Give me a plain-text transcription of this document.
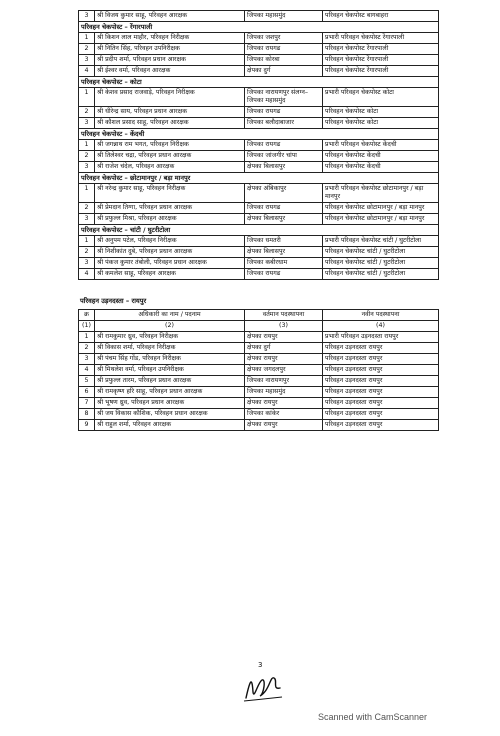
3	श्री विजय कुमार साहू, परिवहन आरक्षक	जिपका महासमुंद	परिवहन चेकपोस्ट बागबाहरा
परिवहन चेकपोस्ट – रेंगारपाली			
1	श्री किशन लाल माहौर, परिवहन निरीक्षक	जिपका जशपुर	प्रभारी परिवहन चेकपोस्ट रेंगारपाली
2	श्री नितिन सिंह, परिवहन उपनिरीक्षक	जिपका रायगढ	परिवहन चेकपोस्ट रेंगारपाली
3	श्री प्रदीप शर्मा, परिवहन प्रधान आरक्षक	जिपका कोरबा	परिवहन चेकपोस्ट रेंगारपाली
4	श्री ईश्वर वर्मा, परिवहन आरक्षक	क्षेपका दुर्ग	परिवहन चेकपोस्ट रेंगारपाली
परिवहन चेकपोस्ट – कोटा			
1	श्री केशव प्रसाद राजवाड़े, परिवहन निरीक्षक	जिपका नारायणपुर संलग्न–जिपका महासमुंद	प्रभारी परिवहन चेकपोस्ट कोटा
2	श्री धीरेन्द्र साय, परिवहन प्रधान आरक्षक	जिपका रायगढ	परिवहन चेकपोस्ट कोटा
3	श्री कौशल प्रसाद साहू, परिवहन आरक्षक	जिपका बलौदाबाजार	परिवहन चेकपोस्ट कोटा
परिवहन चेकपोस्ट – केंदची			
1	श्री जगन्नाथ राम भगत, परिवहन निरीक्षक	जिपका रायगढ	प्रभारी परिवहन चेकपोस्ट केंदची
2	श्री तिलेश्वर चद्रा, परिवहन प्रधान आरक्षक	जिपका जांजगीर चांपा	परिवहन चेकपोस्ट केंदची
3	श्री राजेश चंदेल, परिवहन आरक्षक	क्षेपका बिलासपुर	परिवहन चेकपोस्ट केंदची
परिवहन चेकपोस्ट – छोटामानपुर / बड़ा मानपुर			
1	श्री नरेन्द्र कुमार साहू, परिवहन निरीक्षक	क्षेपका अंबिकापुर	प्रभारी परिवहन चेकपोस्ट छोटामानपुर / बड़ा मानपुर
2	श्री प्रेमदान तिग्गा, परिवहन प्रधान आरक्षक	जिपका रायगढ	परिवहन चेकपोस्ट छोटामानपुर / बड़ा मानपुर
3	श्री प्रफुल्ल मिश्रा, परिवहन आरक्षक	क्षेपका बिलासपुर	परिवहन चेकपोस्ट छोटामानपुर / बड़ा मानपुर
परिवहन चेकपोस्ट – चांटी / घुटरीटोला			
1	श्री अनुपम पटेल, परिवहन निरीक्षक	जिपका धमतरी	प्रभारी परिवहन चेकपोस्ट चांटी / घुटरीटोला
2	श्री निशीकांत दुबे, परिवहन प्रधान आरक्षक	क्षेपका बिलासपुर	परिवहन चेकपोस्ट चांटी / घुटरीटोला
3	श्री पंकज कुमार तंबोली, परिवहन प्रधान आरक्षक	जिपका कबीरधाम	परिवहन चेकपोस्ट चांटी / घुटरीटोला
4	श्री कमलेश साहू, परिवहन आरक्षक	जिपका रायगढ	परिवहन चेकपोस्ट चांटी / घुटरीटोला
परिवहन उड़नदस्ता – रायपुर
क्र	अधिकारी का नाम / पदनाम	वर्तमान पदस्थापना	नवीन पदस्थापना
(1)	(2)	(3)	(4)
1	श्री रामकुमार ध्रुव, परिवहन निरीक्षक	क्षेपका रायपुर	प्रभारी परिवहन उड़नदस्ता रायपुर
2	श्री विकास शर्मा, परिवहन निरीक्षक	क्षेपका दुर्ग	परिवहन उड़नदस्ता रायपुर
3	श्री पंचम सिंह गोंड, परिवहन निरीक्षक	क्षेपका रायपुर	परिवहन उड़नदस्ता रायपुर
4	श्री मिथलेश वर्मा, परिवहन उपनिरीक्षक	क्षेपका जगदलपुर	परिवहन उड़नदस्ता रायपुर
5	श्री प्रफुल्ल तारम, परिवहन प्रधान आरक्षक	जिपका नारायणपुर	परिवहन उड़नदस्ता रायपुर
6	श्री रामकृष्ण हरि साहू, परिवहन प्रधान आरक्षक	जिपका महासमुंद	परिवहन उड़नदस्ता रायपुर
7	श्री भूषण ध्रुव, परिवहन प्रधान आरक्षक	क्षेपका रायपुर	परिवहन उड़नदस्ता रायपुर
8	श्री जय विकास कौशिक, परिवहन प्रधान आरक्षक	जिपका कांकेर	परिवहन उड़नदस्ता रायपुर
9	श्री राहुल शर्मा, परिवहन आरक्षक	क्षेपका रायपुर	परिवहन उड़नदस्ता रायपुर
3
Scanned with CamScanner
